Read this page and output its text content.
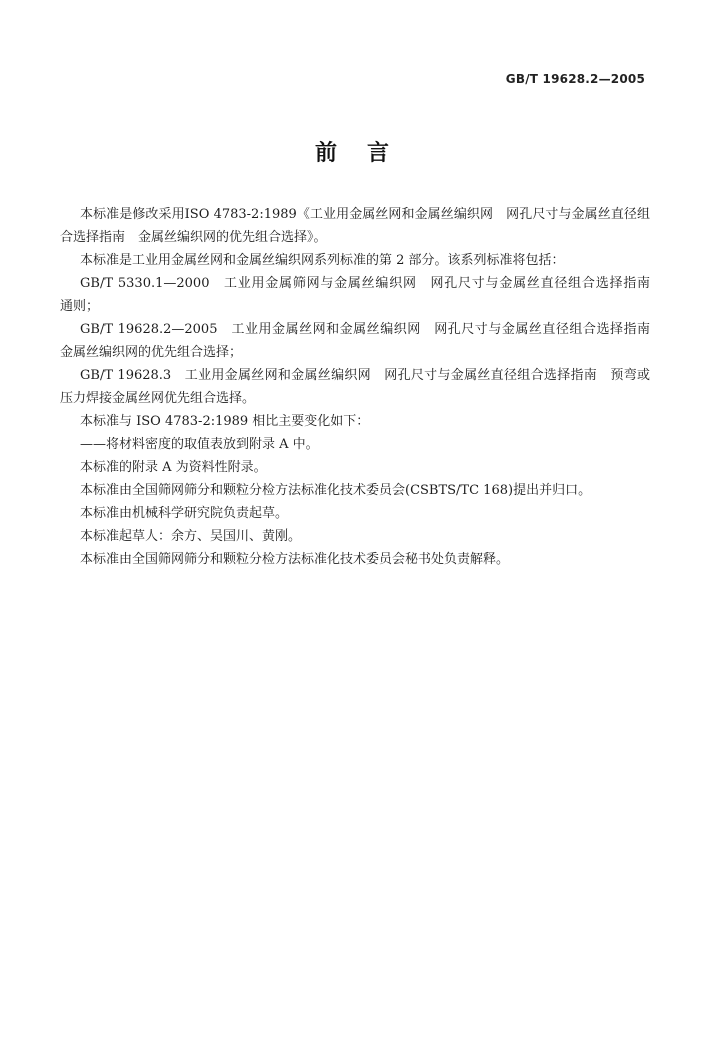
GB/T 19628.2—2005
前言

本标准是修改采用ISO 4783-2:1989《工业用金属丝网和金属丝编织网　网孔尺寸与金属丝直径组合选择指南　金属丝编织网的优先组合选择》。

本标准是工业用金属丝网和金属丝编织网系列标准的第 2 部分。该系列标准将包括：

GB/T 5330.1—2000　工业用金属筛网与金属丝编织网　网孔尺寸与金属丝直径组合选择指南　通则；

GB/T 19628.2—2005　工业用金属丝网和金属丝编织网　网孔尺寸与金属丝直径组合选择指南　金属丝编织网的优先组合选择；

GB/T 19628.3　工业用金属丝网和金属丝编织网　网孔尺寸与金属丝直径组合选择指南　预弯或压力焊接金属丝网优先组合选择。

本标准与 ISO 4783-2:1989 相比主要变化如下：

——将材料密度的取值表放到附录 A 中。

本标准的附录 A 为资料性附录。

本标准由全国筛网筛分和颗粒分检方法标准化技术委员会(CSBTS/TC 168)提出并归口。

本标准由机械科学研究院负责起草。

本标准起草人：余方、吴国川、黄刚。

本标准由全国筛网筛分和颗粒分检方法标准化技术委员会秘书处负责解释。
